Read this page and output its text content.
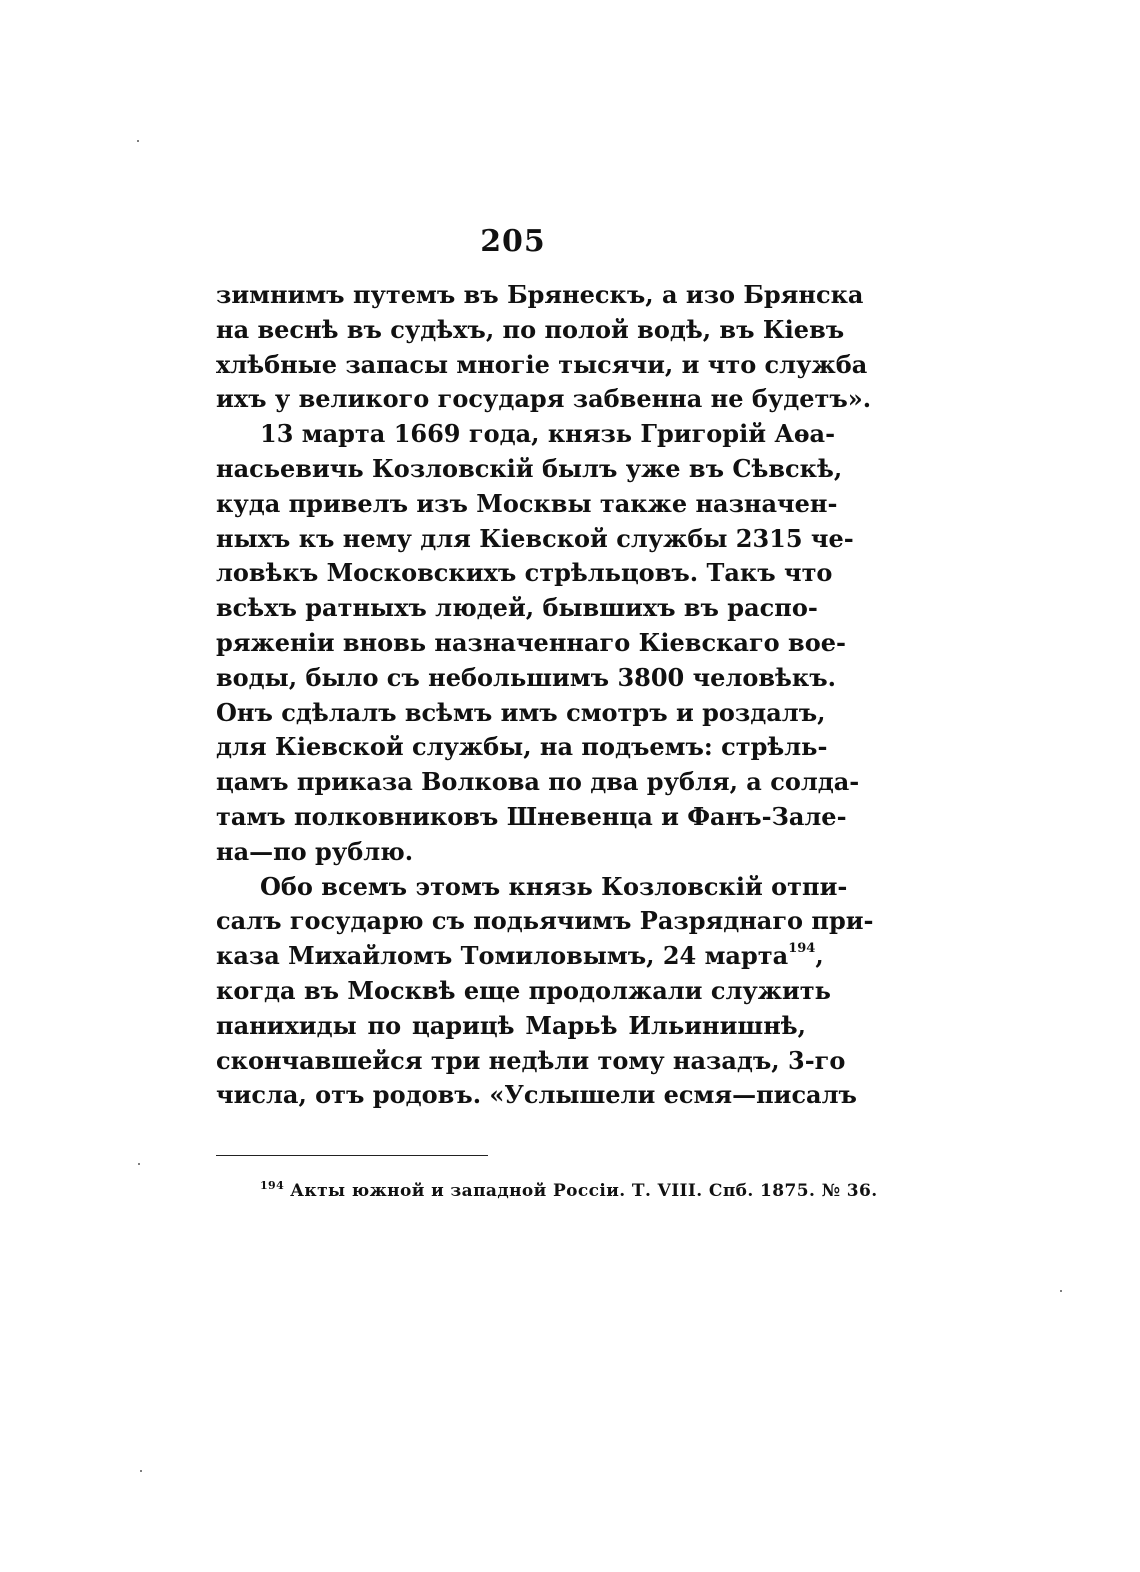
205
зимнимъ путемъ въ Брянескъ, а изо Брянска
на веснѣ въ судѣхъ, по полой водѣ, въ Кіевъ
хлѣбные запасы многіе тысячи, и что служба
ихъ у великого государя забвенна не будетъ».
13 марта 1669 года, князь Григорій Аѳа-
насьевичь Козловскій былъ уже въ Сѣвскѣ,
куда привелъ изъ Москвы также назначен-
ныхъ къ нему для Кіевской службы 2315 че-
ловѣкъ Московскихъ стрѣльцовъ. Такъ что
всѣхъ ратныхъ людей, бывшихъ въ распо-
ряженіи вновь назначеннаго Кіевскаго вое-
воды, было съ небольшимъ 3800 человѣкъ.
Онъ сдѣлалъ всѣмъ имъ смотръ и роздалъ,
для Кіевской службы, на подъемъ: стрѣль-
цамъ приказа Волкова по два рубля, а солда-
тамъ полковниковъ Шневенца и Фанъ-Зале-
на—по рублю.
Обо всемъ этомъ князь Козловскій отпи-
салъ государю съ подьячимъ Разряднаго при-
каза Михайломъ Томиловымъ, 24 марта$^{194}$,
когда въ Москвѣ еще продолжали служить
панихиды по царицѣ Марьѣ Ильинишнѣ,
скончавшейся три недѣли тому назадъ, 3-го
числа, отъ родовъ. «Услышели есмя—писалъ
$^{194}$ Акты южной и западной Россіи. Т. VIII. Спб. 1875. № 36.
